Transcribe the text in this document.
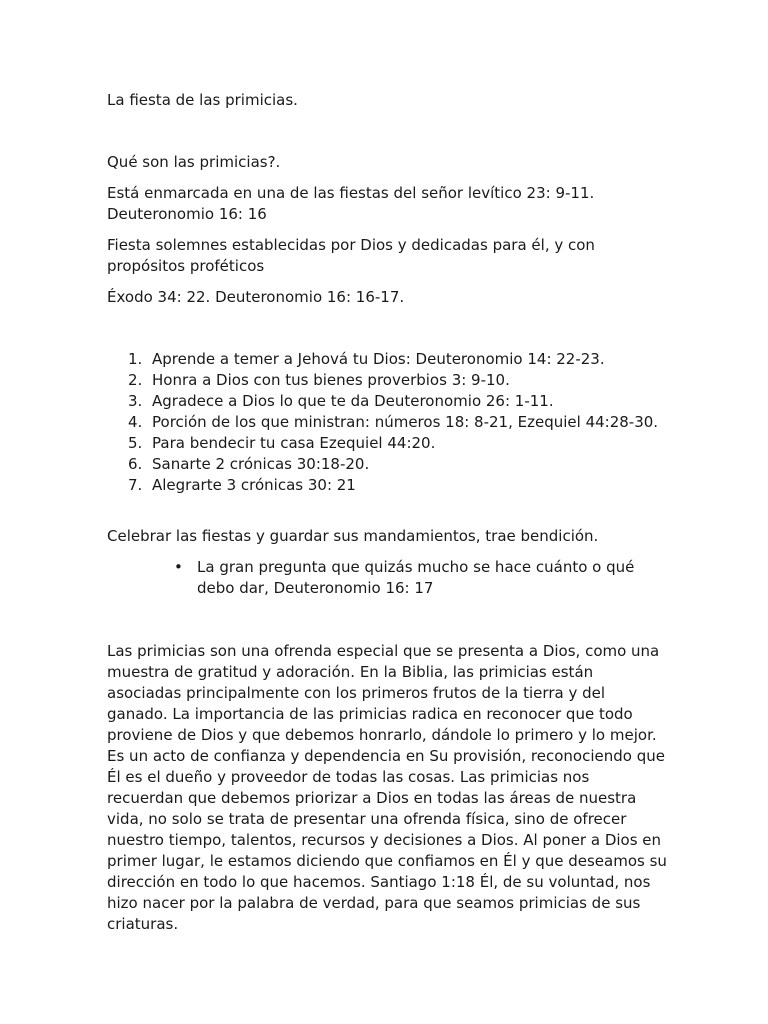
La fiesta de las primicias.

Qué son las primicias?.

Está enmarcada en una de las fiestas del señor levítico 23: 9-11. Deuteronomio 16: 16

Fiesta solemnes establecidas por Dios y dedicadas para él, y con propósitos proféticos

Éxodo 34: 22. Deuteronomio 16: 16-17.

1. Aprende a temer a Jehová tu Dios: Deuteronomio 14: 22-23.
2. Honra a Dios con tus bienes proverbios 3: 9-10.
3. Agradece a Dios lo que te da Deuteronomio 26: 1-11.
4. Porción de los que ministran: números 18: 8-21, Ezequiel 44:28-30.
5. Para bendecir tu casa Ezequiel 44:20.
6. Sanarte 2 crónicas 30:18-20.
7. Alegrarte 3 crónicas 30: 21

Celebrar las fiestas y guardar sus mandamientos, trae bendición.

• La gran pregunta que quizás mucho se hace cuánto o qué debo dar, Deuteronomio 16: 17

Las primicias son una ofrenda especial que se presenta a Dios, como una muestra de gratitud y adoración. En la Biblia, las primicias están asociadas principalmente con los primeros frutos de la tierra y del ganado. La importancia de las primicias radica en reconocer que todo proviene de Dios y que debemos honrarlo, dándole lo primero y lo mejor. Es un acto de confianza y dependencia en Su provisión, reconociendo que Él es el dueño y proveedor de todas las cosas. Las primicias nos recuerdan que debemos priorizar a Dios en todas las áreas de nuestra vida, no solo se trata de presentar una ofrenda física, sino de ofrecer nuestro tiempo, talentos, recursos y decisiones a Dios. Al poner a Dios en primer lugar, le estamos diciendo que confiamos en Él y que deseamos su dirección en todo lo que hacemos. Santiago 1:18 Él, de su voluntad, nos hizo nacer por la palabra de verdad, para que seamos primicias de sus criaturas.
